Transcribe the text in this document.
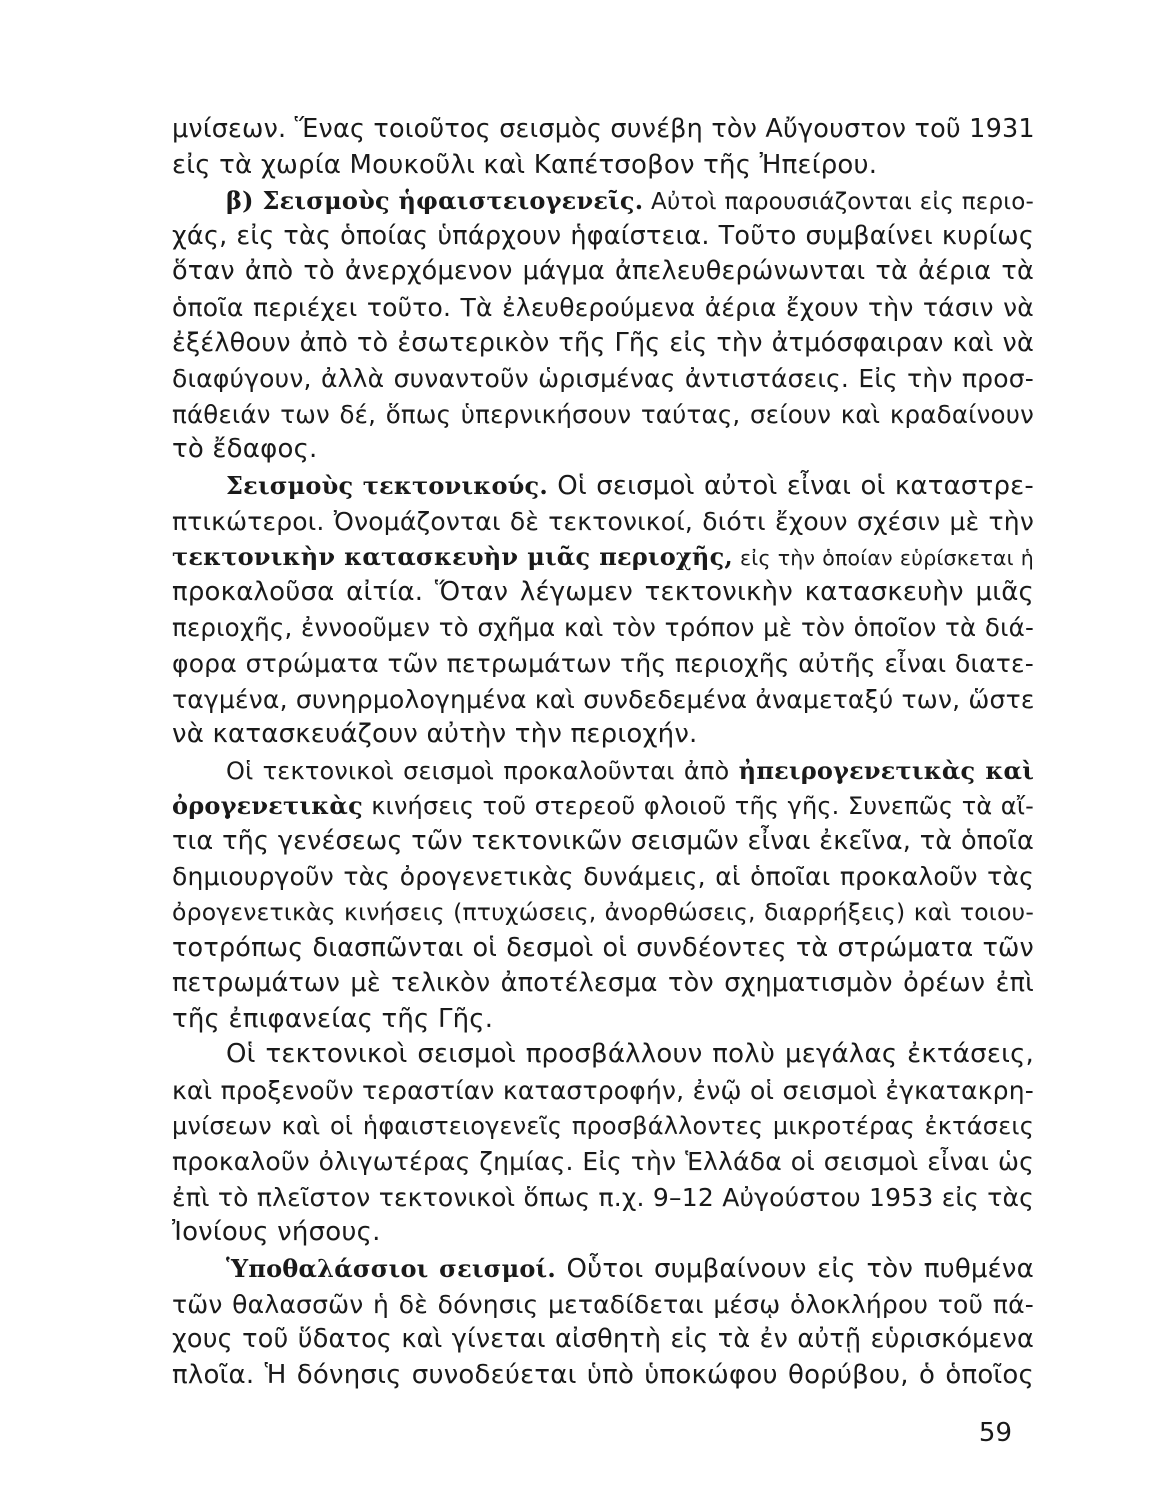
μνίσεων. Ἕνας τοιοῦτος σεισμὸς συνέβη τὸν Αὔγουστον τοῦ 1931
εἰς τὰ χωρία Μουκοῦλι καὶ Καπέτσοβον τῆς Ἠπείρου.
β) Σεισμοὺς ἡφαιστειογενεῖς. Αὐτοὶ παρουσιάζονται εἰς περιο-
χάς, εἰς τὰς ὁποίας ὑπάρχουν ἡφαίστεια. Τοῦτο συμβαίνει κυρίως
ὅταν ἀπὸ τὸ ἀνερχόμενον μάγμα ἀπελευθερώνωνται τὰ ἀέρια τὰ
ὁποῖα περιέχει τοῦτο. Τὰ ἐλευθερούμενα ἀέρια ἔχουν τὴν τάσιν νὰ
ἐξέλθουν ἀπὸ τὸ ἐσωτερικὸν τῆς Γῆς εἰς τὴν ἀτμόσφαιραν καὶ νὰ
διαφύγουν, ἀλλὰ συναντοῦν ὡρισμένας ἀντιστάσεις. Εἰς τὴν προσ-
πάθειάν των δέ, ὅπως ὑπερνικήσουν ταύτας, σείουν καὶ κραδαίνουν
τὸ ἔδαφος.
Σεισμοὺς τεκτονικούς. Οἱ σεισμοὶ αὐτοὶ εἶναι οἱ καταστρε-
πτικώτεροι. Ὀνομάζονται δὲ τεκτονικοί, διότι ἔχουν σχέσιν μὲ τὴν
τεκτονικὴν κατασκευὴν μιᾶς περιοχῆς, εἰς τὴν ὁποίαν εὑρίσκεται ἡ
προκαλοῦσα αἰτία. Ὅταν λέγωμεν τεκτονικὴν κατασκευὴν μιᾶς
περιοχῆς, ἐννοοῦμεν τὸ σχῆμα καὶ τὸν τρόπον μὲ τὸν ὁποῖον τὰ διά-
φορα στρώματα τῶν πετρωμάτων τῆς περιοχῆς αὐτῆς εἶναι διατε-
ταγμένα, συνηρμολογημένα καὶ συνδεδεμένα ἀναμεταξύ των, ὥστε
νὰ κατασκευάζουν αὐτὴν τὴν περιοχήν.
Οἱ τεκτονικοὶ σεισμοὶ προκαλοῦνται ἀπὸ ἠπειρογενετικὰς καὶ
ὀρογενετικὰς κινήσεις τοῦ στερεοῦ φλοιοῦ τῆς γῆς. Συνεπῶς τὰ αἴ-
τια τῆς γενέσεως τῶν τεκτονικῶν σεισμῶν εἶναι ἐκεῖνα, τὰ ὁποῖα
δημιουργοῦν τὰς ὀρογενετικὰς δυνάμεις, αἱ ὁποῖαι προκαλοῦν τὰς
ὀρογενετικὰς κινήσεις (πτυχώσεις, ἀνορθώσεις, διαρρήξεις) καὶ τοιου-
τοτρόπως διασπῶνται οἱ δεσμοὶ οἱ συνδέοντες τὰ στρώματα τῶν
πετρωμάτων μὲ τελικὸν ἀποτέλεσμα τὸν σχηματισμὸν ὀρέων ἐπὶ
τῆς ἐπιφανείας τῆς Γῆς.
Οἱ τεκτονικοὶ σεισμοὶ προσβάλλουν πολὺ μεγάλας ἐκτάσεις,
καὶ προξενοῦν τεραστίαν καταστροφήν, ἐνῷ οἱ σεισμοὶ ἐγκατακρη-
μνίσεων καὶ οἱ ἡφαιστειογενεῖς προσβάλλοντες μικροτέρας ἐκτάσεις
προκαλοῦν ὀλιγωτέρας ζημίας. Εἰς τὴν Ἑλλάδα οἱ σεισμοὶ εἶναι ὡς
ἐπὶ τὸ πλεῖστον τεκτονικοὶ ὅπως π.χ. 9–12 Αὐγούστου 1953 εἰς τὰς
Ἰονίους νήσους.
Ὑποθαλάσσιοι σεισμοί. Οὗτοι συμβαίνουν εἰς τὸν πυθμένα
τῶν θαλασσῶν ἡ δὲ δόνησις μεταδίδεται μέσῳ ὁλοκλήρου τοῦ πά-
χους τοῦ ὕδατος καὶ γίνεται αἰσθητὴ εἰς τὰ ἐν αὐτῇ εὑρισκόμενα
πλοῖα. Ἡ δόνησις συνοδεύεται ὑπὸ ὑποκώφου θορύβου, ὁ ὁποῖος
59
